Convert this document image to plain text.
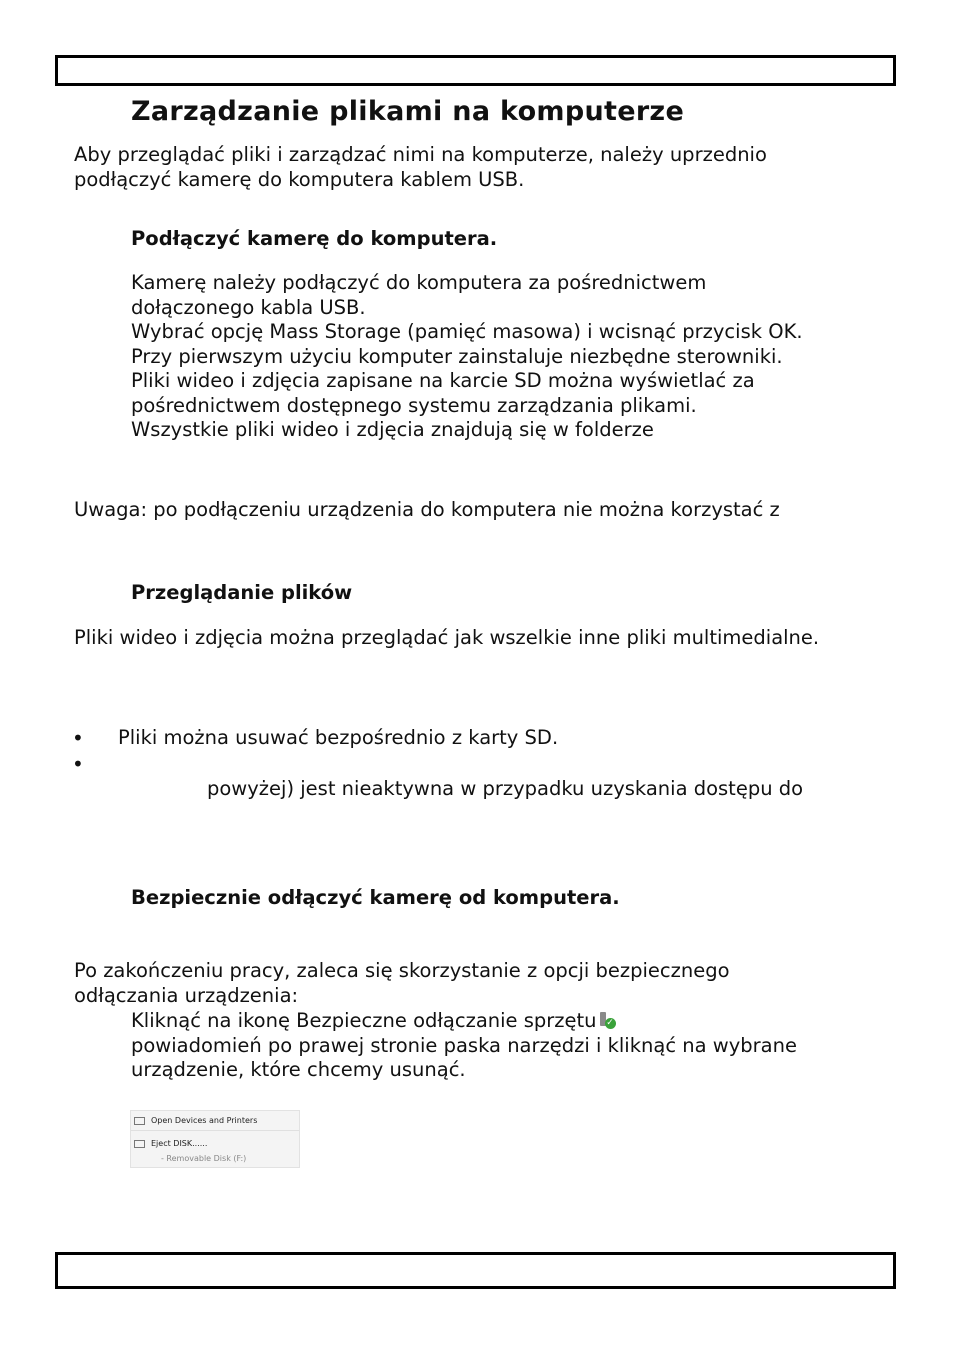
Zarządzanie plikami na komputerze
Aby przeglądać pliki i zarządzać nimi na komputerze, należy uprzednio
podłączyć kamerę do komputera kablem USB.
Podłączyć kamerę do komputera.
Kamerę należy podłączyć do komputera za pośrednictwem
dołączonego kabla USB.
Wybrać opcję Mass Storage (pamięć masowa) i wcisnąć przycisk OK.
Przy pierwszym użyciu komputer zainstaluje niezbędne sterowniki.
Pliki wideo i zdjęcia zapisane na karcie SD można wyświetlać za
pośrednictwem dostępnego systemu zarządzania plikami.
Wszystkie pliki wideo i zdjęcia znajdują się w folderze
Uwaga: po podłączeniu urządzenia do komputera nie można korzystać z
Przeglądanie plików
Pliki wideo i zdjęcia można przeglądać jak wszelkie inne pliki multimedialne.
• Pliki można usuwać bezpośrednio z karty SD.
•
powyżej) jest nieaktywna w przypadku uzyskania dostępu do
Bezpiecznie odłączyć kamerę od komputera.
Po zakończeniu pracy, zaleca się skorzystanie z opcji bezpiecznego
odłączania urządzenia:
Kliknąć na ikonę Bezpieczne odłączanie sprzętu ✓
powiadomień po prawej stronie paska narzędzi i kliknąć na wybrane
urządzenie, które chcemy usunąć.
Open Devices and Printers
Eject DISK......
- Removable Disk (F:)
